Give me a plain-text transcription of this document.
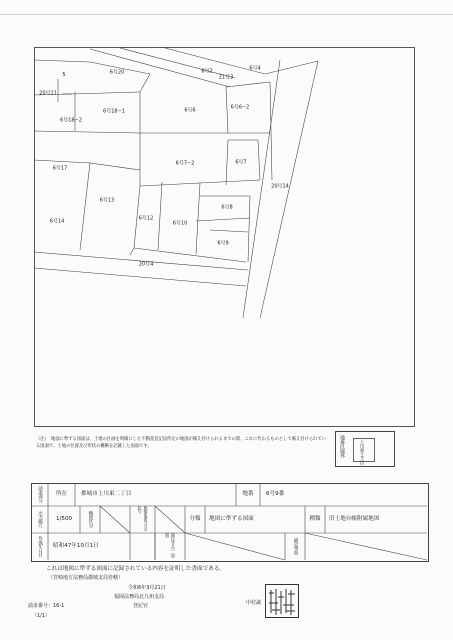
6号2	6号4
21号3
6号20
20号11
5
6号18−1
6号18−2
6号6	6号6−2
6号17
6号7−2	6号7
20号14
6号13
6号14	6号12
6号10
6号8
6号9
20号4
地番区域界	上川東２丁目
（注）　地図に準ずる図面は、土地の区画を明確にした不動産登記法所定の地図が備え付けられるまでの間、これに代わるものとして備え付けられている図面で、土地の位置及び形状の概略を記載した図面です。
請求部分	所在	都城市上川東二丁目	地番	6号9番
出力縮尺	1/500	精度区分	座標系番号又は記号
分類	地図に準ずる図面	種類	旧土地台帳附属地図
作成年月日	昭和47年10月1日	備付年月日（原図）
補記事項
これは地図に準ずる図面に記録されている内容を証明した書面である。
（宮崎地方法務局都城支局管轄）
令和6年3月21日
福岡法務局北九州支局
登記官	中村誠
請求番号：16-1
（1/1）
